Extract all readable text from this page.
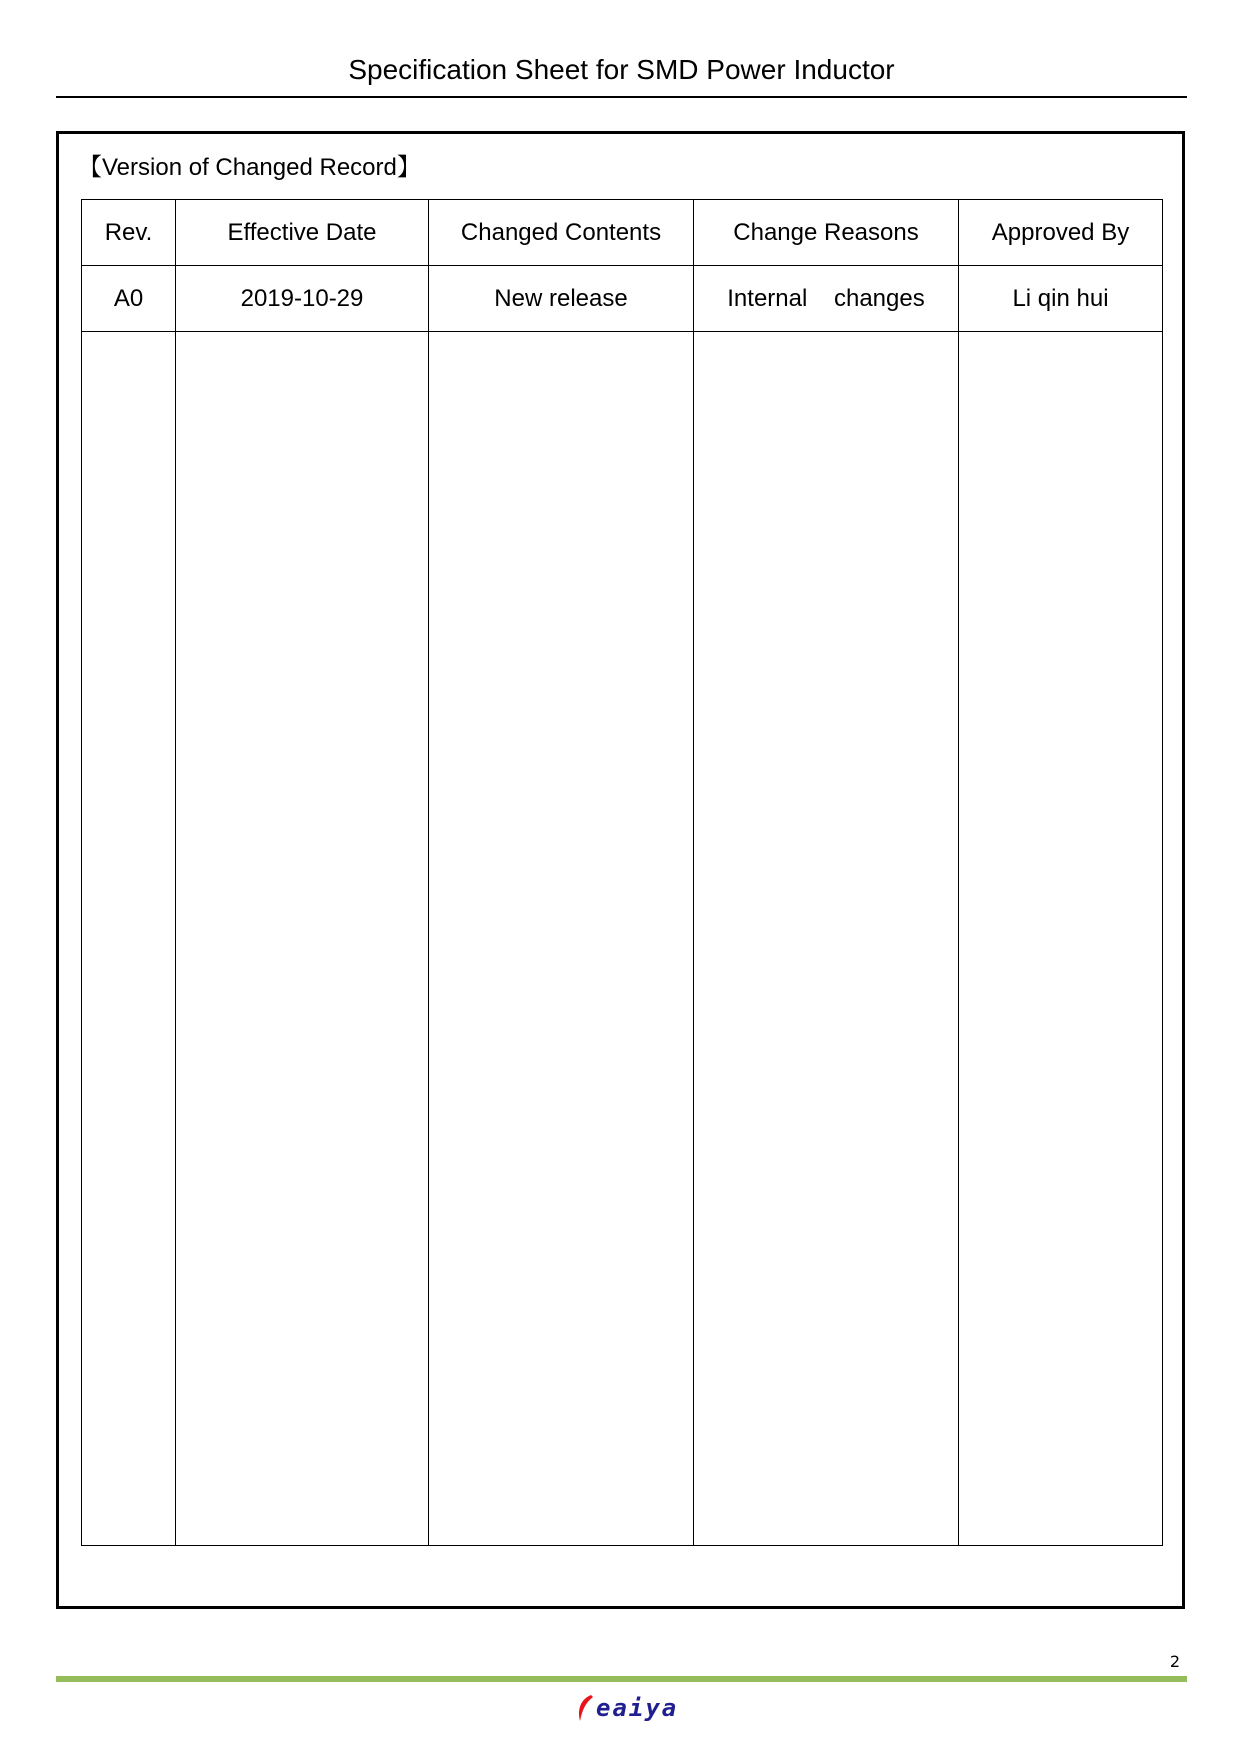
Specification Sheet for SMD Power Inductor
【Version of Changed Record】
Rev.	Effective Date	Changed Contents	Change Reasons	Approved By
A0	2019-10-29	New release	Internal    changes	Li qin hui

2
eaiya
